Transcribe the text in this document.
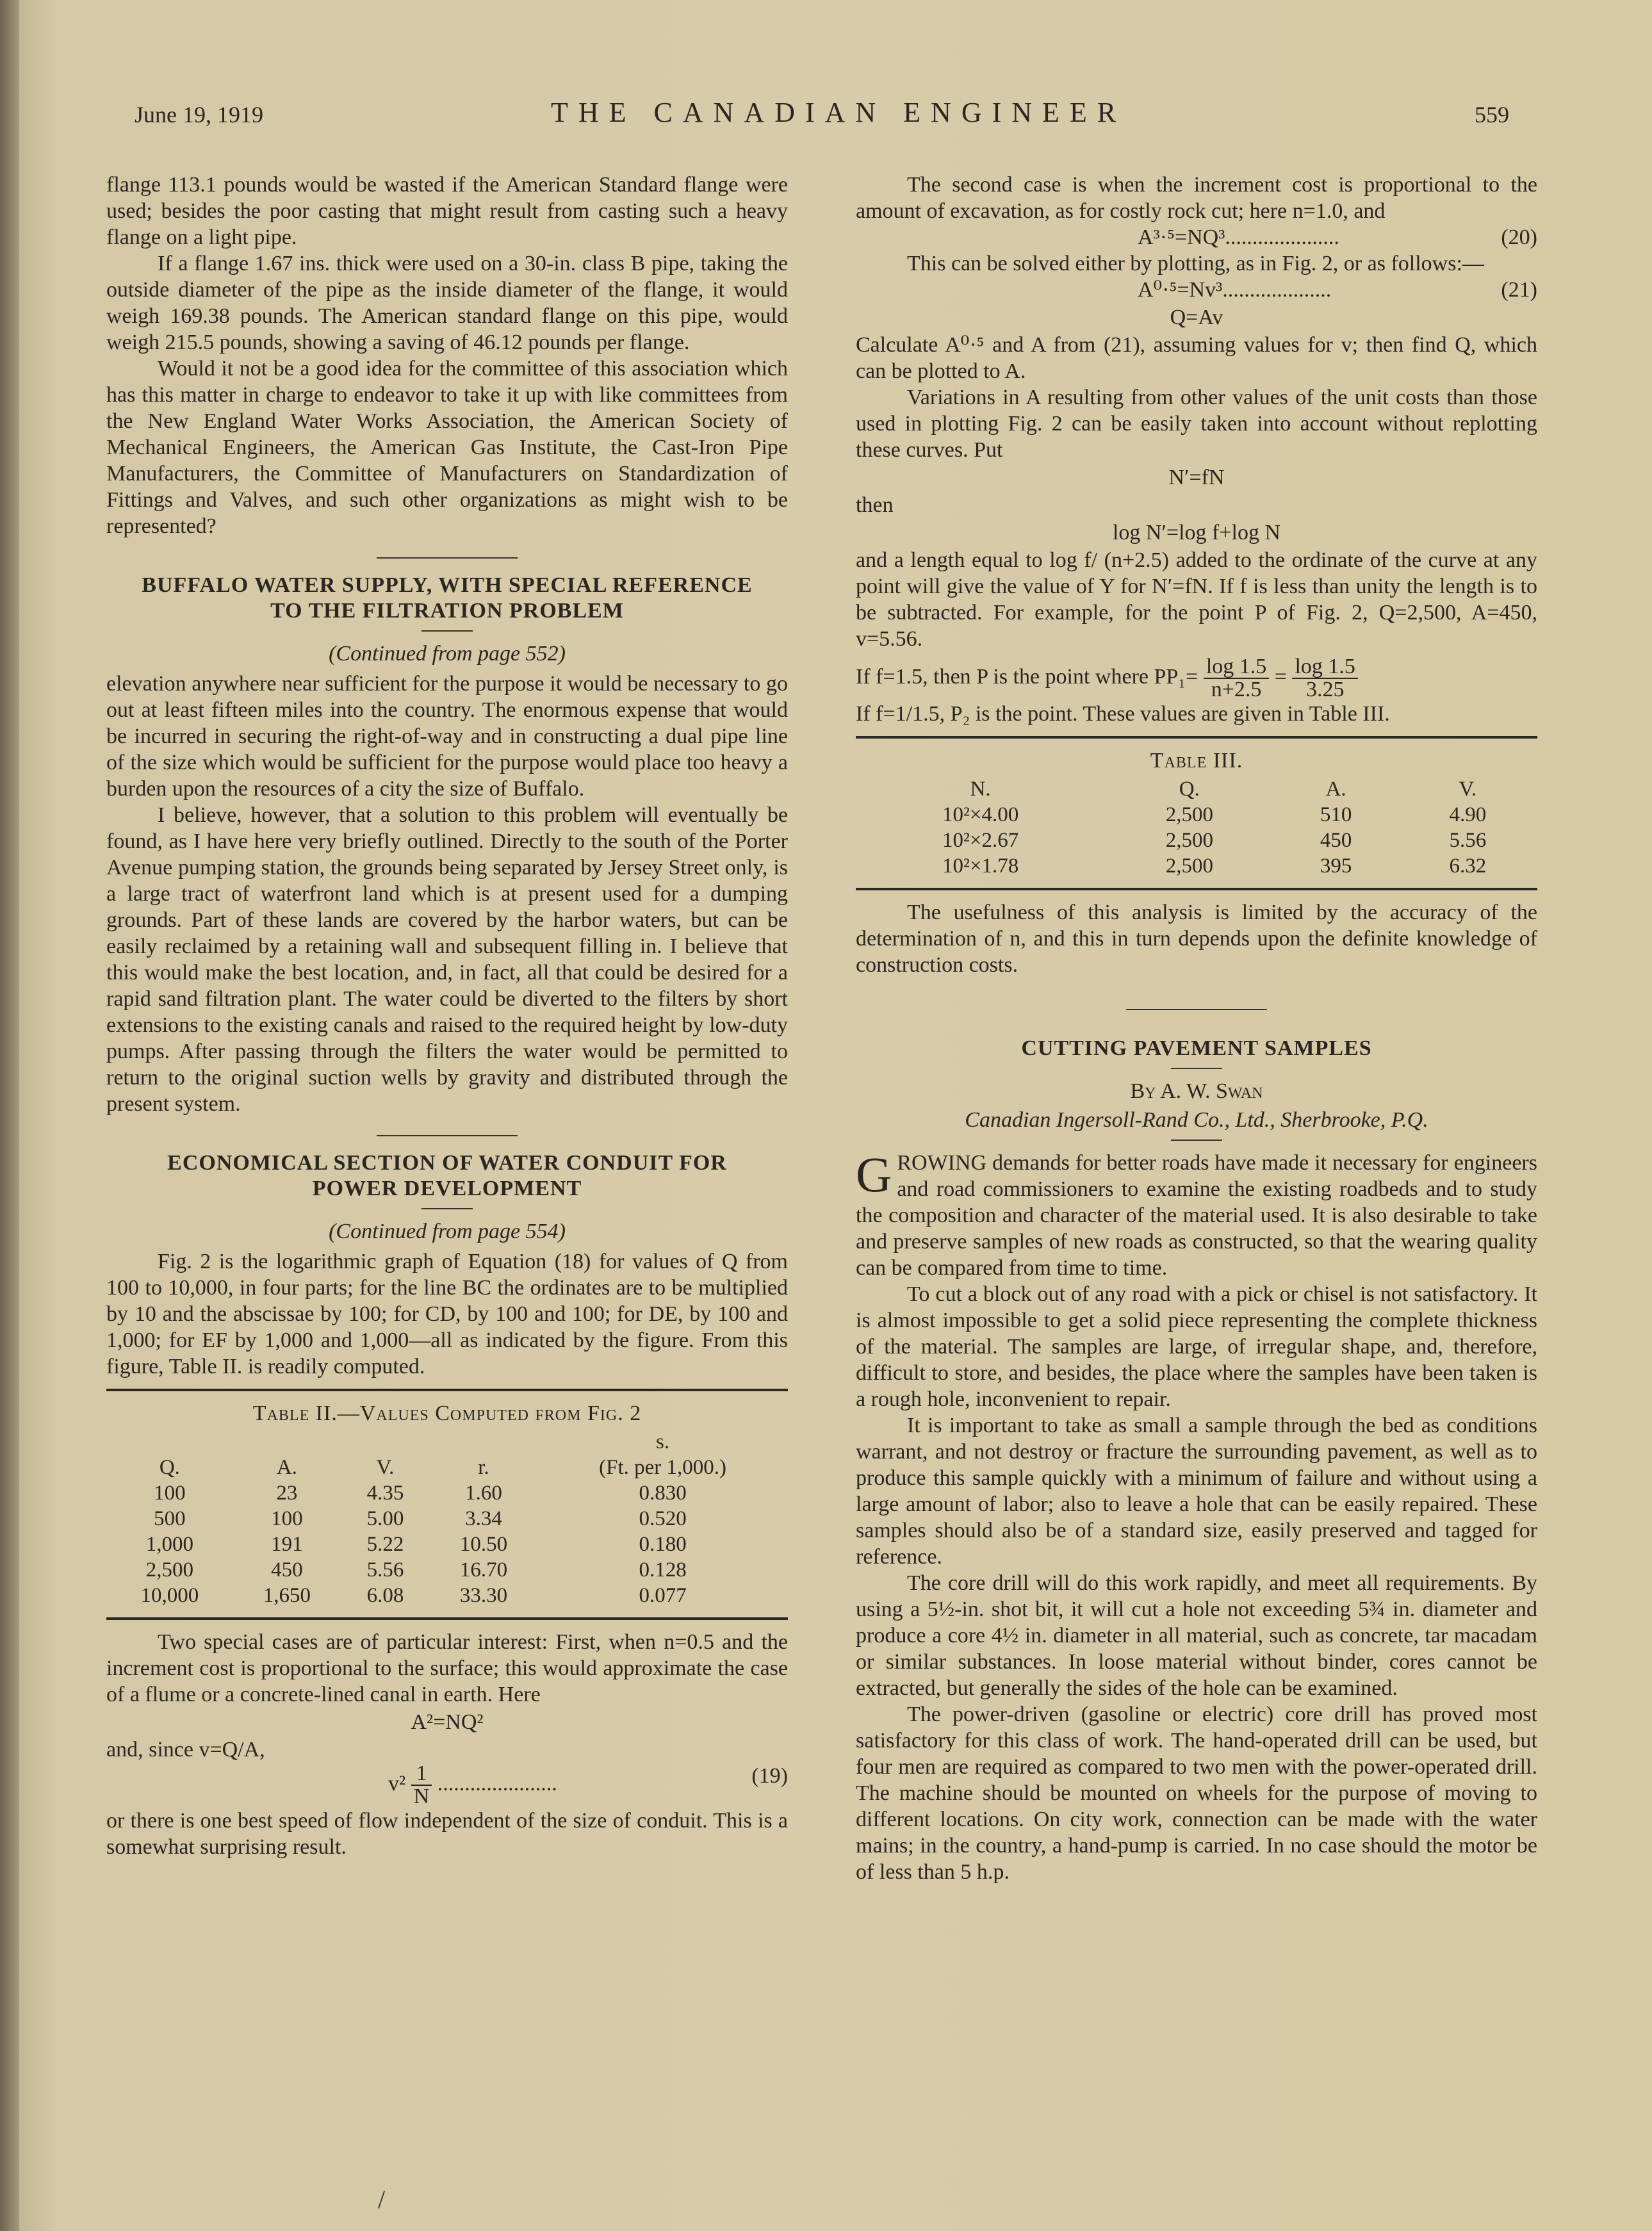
June 19, 1919	THE CANADIAN ENGINEER	559

flange 113.1 pounds would be wasted if the American Standard flange were used; besides the poor casting that might result from casting such a heavy flange on a light pipe.

If a flange 1.67 ins. thick were used on a 30-in. class B pipe, taking the outside diameter of the pipe as the inside diameter of the flange, it would weigh 169.38 pounds. The American standard flange on this pipe, would weigh 215.5 pounds, showing a saving of 46.12 pounds per flange.

Would it not be a good idea for the committee of this association which has this matter in charge to endeavor to take it up with like committees from the New England Water Works Association, the American Society of Mechanical Engineers, the American Gas Institute, the Cast-Iron Pipe Manufacturers, the Committee of Manufacturers on Standardization of Fittings and Valves, and such other organizations as might wish to be represented?

BUFFALO WATER SUPPLY, WITH SPECIAL REFERENCE TO THE FILTRATION PROBLEM
(Continued from page 552)

elevation anywhere near sufficient for the purpose it would be necessary to go out at least fifteen miles into the country. The enormous expense that would be incurred in securing the right-of-way and in constructing a dual pipe line of the size which would be sufficient for the purpose would place too heavy a burden upon the resources of a city the size of Buffalo.

I believe, however, that a solution to this problem will eventually be found, as I have here very briefly outlined. Directly to the south of the Porter Avenue pumping station, the grounds being separated by Jersey Street only, is a large tract of waterfront land which is at present used for a dumping grounds. Part of these lands are covered by the harbor waters, but can be easily reclaimed by a retaining wall and subsequent filling in. I believe that this would make the best location, and, in fact, all that could be desired for a rapid sand filtration plant. The water could be diverted to the filters by short extensions to the existing canals and raised to the required height by low-duty pumps. After passing through the filters the water would be permitted to return to the original suction wells by gravity and distributed through the present system.

ECONOMICAL SECTION OF WATER CONDUIT FOR POWER DEVELOPMENT
(Continued from page 554)

Fig. 2 is the logarithmic graph of Equation (18) for values of Q from 100 to 10,000, in four parts; for the line BC the ordinates are to be multiplied by 10 and the abscissae by 100; for CD, by 100 and 100; for DE, by 100 and 1,000; for EF by 1,000 and 1,000—all as indicated by the figure. From this figure, Table II. is readily computed.

Table II.—Values Computed from Fig. 2
				s.
Q.	A.	V.	r.	(Ft. per 1,000.)
100	23	4.35	1.60	0.830
500	100	5.00	3.34	0.520
1,000	191	5.22	10.50	0.180
2,500	450	5.56	16.70	0.128
10,000	1,650	6.08	33.30	0.077

Two special cases are of particular interest: First, when n=0.5 and the increment cost is proportional to the surface; this would approximate the case of a flume or a concrete-lined canal in earth. Here

A²=NQ²

and, since v=Q/A,

$v^2 \frac{1}{N}$ ......................	(19)

or there is one best speed of flow independent of the size of conduit. This is a somewhat surprising result.

The second case is when the increment cost is proportional to the amount of excavation, as for costly rock cut; here n=1.0, and

A³·⁵=NQ³.....................	(20)

This can be solved either by plotting, as in Fig. 2, or as follows:—

A⁰·⁵=Nv³....................	(21)
Q=Av

Calculate A⁰·⁵ and A from (21), assuming values for v; then find Q, which can be plotted to A.

Variations in A resulting from other values of the unit costs than those used in plotting Fig. 2 can be easily taken into account without replotting these curves. Put

N′=fN

then

log N′=log f+log N

and a length equal to log f/ (n+2.5) added to the ordinate of the curve at any point will give the value of Y for N′=fN. If f is less than unity the length is to be subtracted. For example, for the point P of Fig. 2, Q=2,500, A=450, v=5.56.

If f=1.5, then P is the point where $PP_1= \frac{\log 1.5}{n+2.5} = \frac{\log 1.5}{3.25}$

If f=1/1.5, P₂ is the point. These values are given in Table III.

Table III.
N.	Q.	A.	V.
10²×4.00	2,500	510	4.90
10²×2.67	2,500	450	5.56
10²×1.78	2,500	395	6.32

The usefulness of this analysis is limited by the accuracy of the determination of n, and this in turn depends upon the definite knowledge of construction costs.

CUTTING PAVEMENT SAMPLES
By A. W. Swan
Canadian Ingersoll-Rand Co., Ltd., Sherbrooke, P.Q.

GROWING demands for better roads have made it necessary for engineers and road commissioners to examine the existing roadbeds and to study the composition and character of the material used. It is also desirable to take and preserve samples of new roads as constructed, so that the wearing quality can be compared from time to time.

To cut a block out of any road with a pick or chisel is not satisfactory. It is almost impossible to get a solid piece representing the complete thickness of the material. The samples are large, of irregular shape, and, therefore, difficult to store, and besides, the place where the samples have been taken is a rough hole, inconvenient to repair.

It is important to take as small a sample through the bed as conditions warrant, and not destroy or fracture the surrounding pavement, as well as to produce this sample quickly with a minimum of failure and without using a large amount of labor; also to leave a hole that can be easily repaired. These samples should also be of a standard size, easily preserved and tagged for reference.

The core drill will do this work rapidly, and meet all requirements. By using a 5½-in. shot bit, it will cut a hole not exceeding 5¾ in. diameter and produce a core 4½ in. diameter in all material, such as concrete, tar macadam or similar substances. In loose material without binder, cores cannot be extracted, but generally the sides of the hole can be examined.

The power-driven (gasoline or electric) core drill has proved most satisfactory for this class of work. The hand-operated drill can be used, but four men are required as compared to two men with the power-operated drill. The machine should be mounted on wheels for the purpose of moving to different locations. On city work, connection can be made with the water mains; in the country, a hand-pump is carried. In no case should the motor be of less than 5 h.p.

/
